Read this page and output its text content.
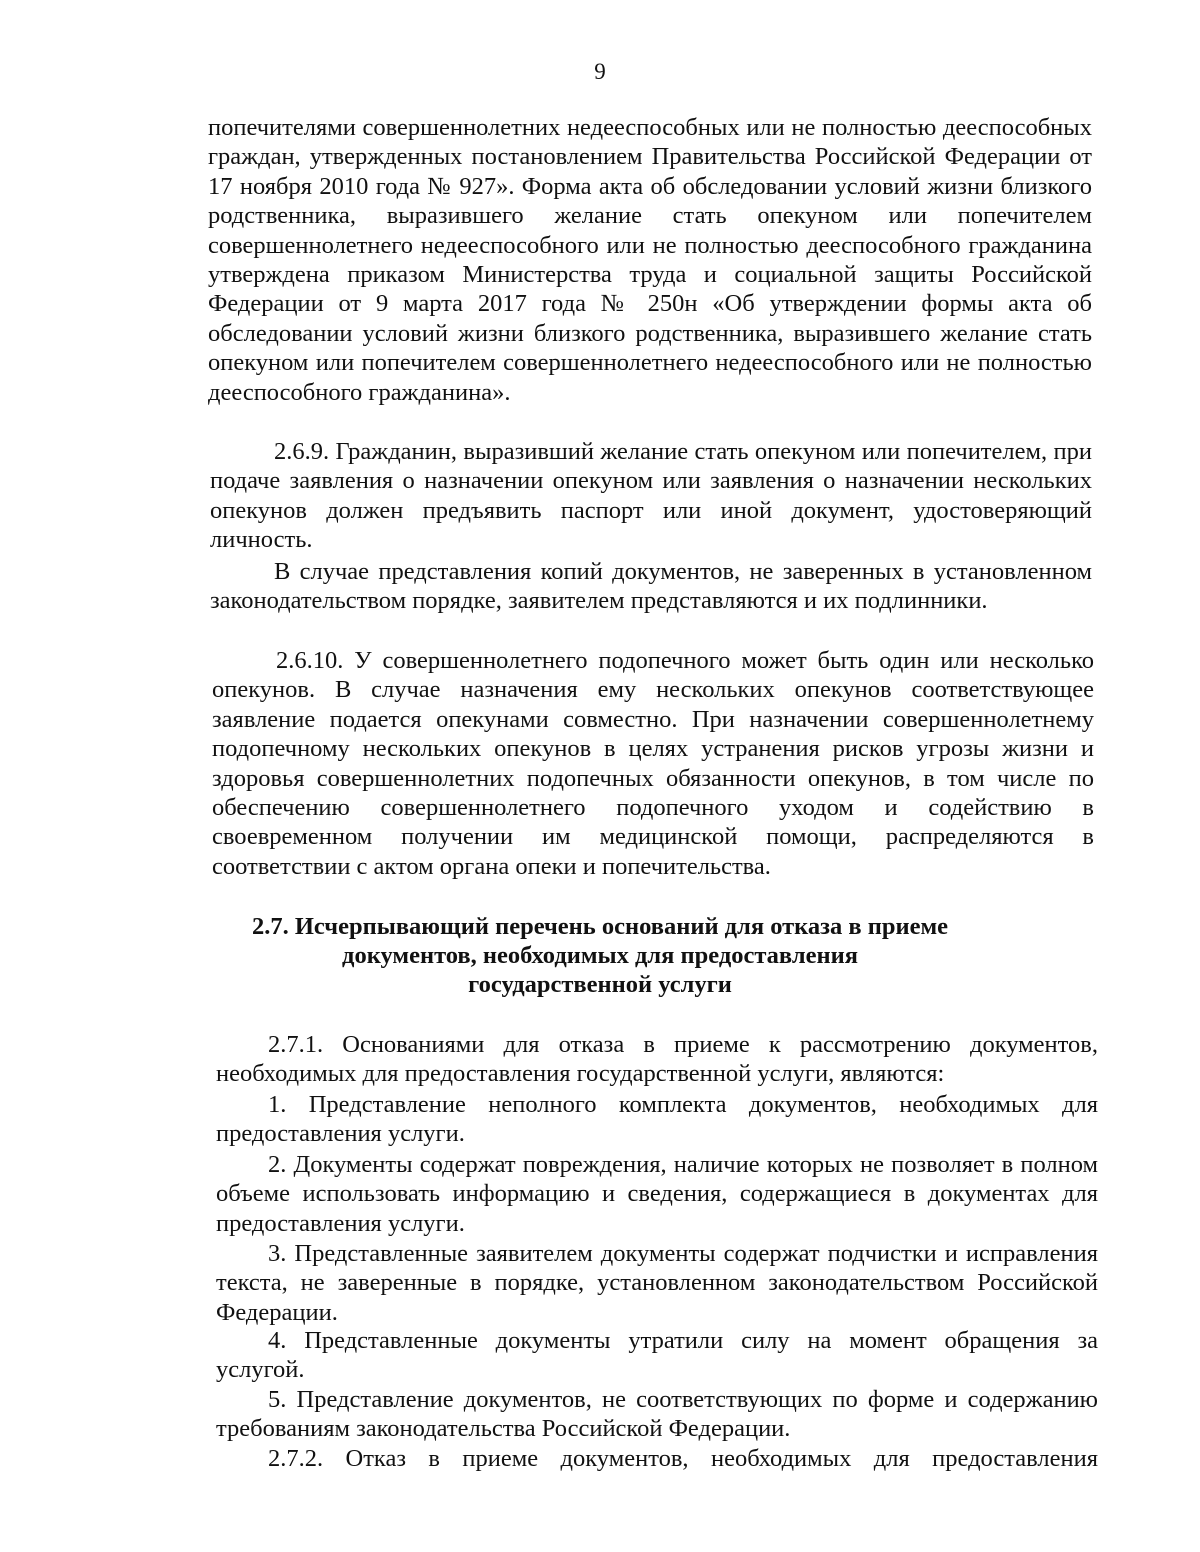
9

попечителями совершеннолетних недееспособных или не полностью дееспособных граждан, утвержденных постановлением Правительства Российской Федерации от 17 ноября 2010 года № 927». Форма акта об обследовании условий жизни близкого родственника, выразившего желание стать опекуном или попечителем совершеннолетнего недееспособного или не полностью дееспособного гражданина утверждена приказом Министерства труда и социальной защиты Российской Федерации от 9 марта 2017 года № 250н «Об утверждении формы акта об обследовании условий жизни близкого родственника, выразившего желание стать опекуном или попечителем совершеннолетнего недееспособного или не полностью дееспособного гражданина».

2.6.9. Гражданин, выразивший желание стать опекуном или попечителем, при подаче заявления о назначении опекуном или заявления о назначении нескольких опекунов должен предъявить паспорт или иной документ, удостоверяющий личность.

В случае представления копий документов, не заверенных в установленном законодательством порядке, заявителем представляются и их подлинники.

2.6.10. У совершеннолетнего подопечного может быть один или несколько опекунов. В случае назначения ему нескольких опекунов соответствующее заявление подается опекунами совместно. При назначении совершеннолетнему подопечному нескольких опекунов в целях устранения рисков угрозы жизни и здоровья совершеннолетних подопечных обязанности опекунов, в том числе по обеспечению совершеннолетнего подопечного уходом и содействию в своевременном получении им медицинской помощи, распределяются в соответствии с актом органа опеки и попечительства.

2.7. Исчерпывающий перечень оснований для отказа в приеме

документов, необходимых для предоставления

государственной услуги

2.7.1. Основаниями для отказа в приеме к рассмотрению документов, необходимых для предоставления государственной услуги, являются:

1. Представление неполного комплекта документов, необходимых для предоставления услуги.

2. Документы содержат повреждения, наличие которых не позволяет в полном объеме использовать информацию и сведения, содержащиеся в документах для предоставления услуги.

3. Представленные заявителем документы содержат подчистки и исправления текста, не заверенные в порядке, установленном законодательством Российской Федерации.

4. Представленные документы утратили силу на момент обращения за услугой.

5. Представление документов, не соответствующих по форме и содержанию требованиям законодательства Российской Федерации.

2.7.2. Отказ в приеме документов, необходимых для предоставления
